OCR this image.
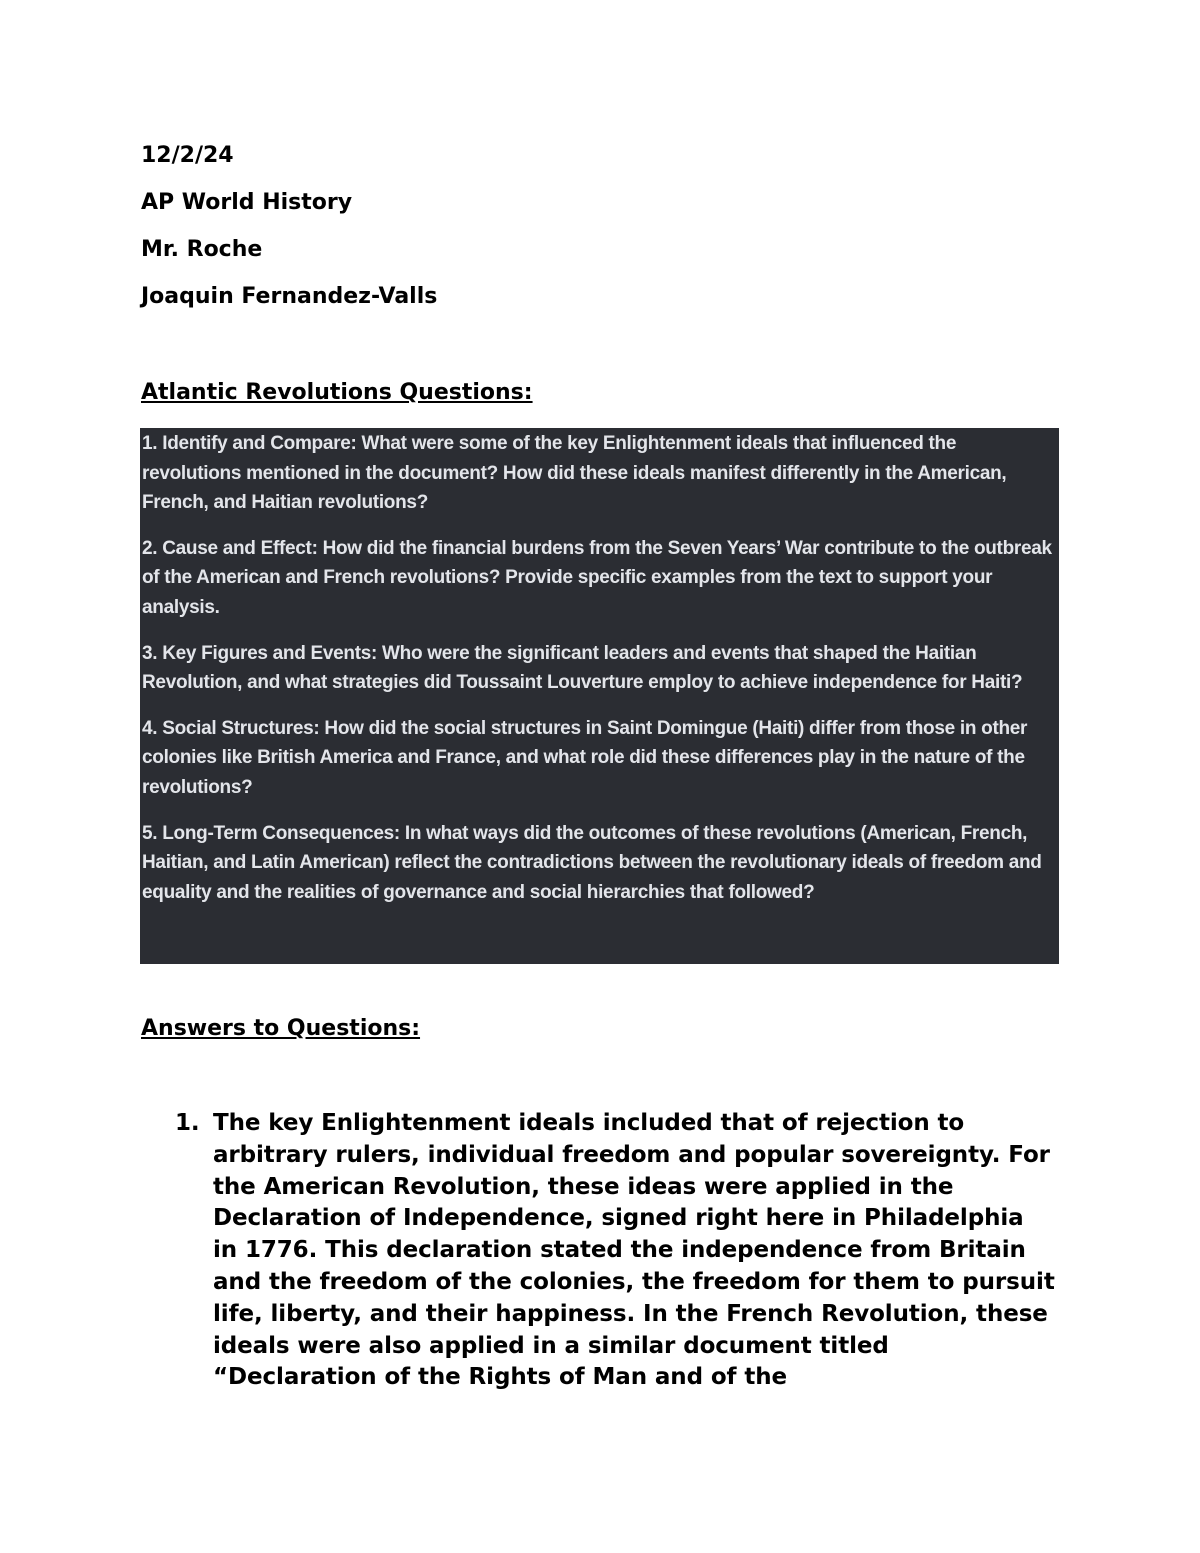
12/2/24

AP World History

Mr. Roche

Joaquin Fernandez-Valls

Atlantic Revolutions Questions:

1. Identify and Compare: What were some of the key Enlightenment ideals that influenced the revolutions mentioned in the document? How did these ideals manifest differently in the American, French, and Haitian revolutions?

2. Cause and Effect: How did the financial burdens from the Seven Years’ War contribute to the outbreak of the American and French revolutions? Provide specific examples from the text to support your analysis.

3. Key Figures and Events: Who were the significant leaders and events that shaped the Haitian Revolution, and what strategies did Toussaint Louverture employ to achieve independence for Haiti?

4. Social Structures: How did the social structures in Saint Domingue (Haiti) differ from those in other colonies like British America and France, and what role did these differences play in the nature of the revolutions?

5. Long-Term Consequences: In what ways did the outcomes of these revolutions (American, French, Haitian, and Latin American) reflect the contradictions between the revolutionary ideals of freedom and equality and the realities of governance and social hierarchies that followed?

Answers to Questions:

1. The key Enlightenment ideals included that of rejection to arbitrary rulers, individual freedom and popular sovereignty. For the American Revolution, these ideas were applied in the Declaration of Independence, signed right here in Philadelphia in 1776. This declaration stated the independence from Britain and the freedom of the colonies, the freedom for them to pursuit life, liberty, and their happiness. In the French Revolution, these ideals were also applied in a similar document titled “Declaration of the Rights of Man and of the
